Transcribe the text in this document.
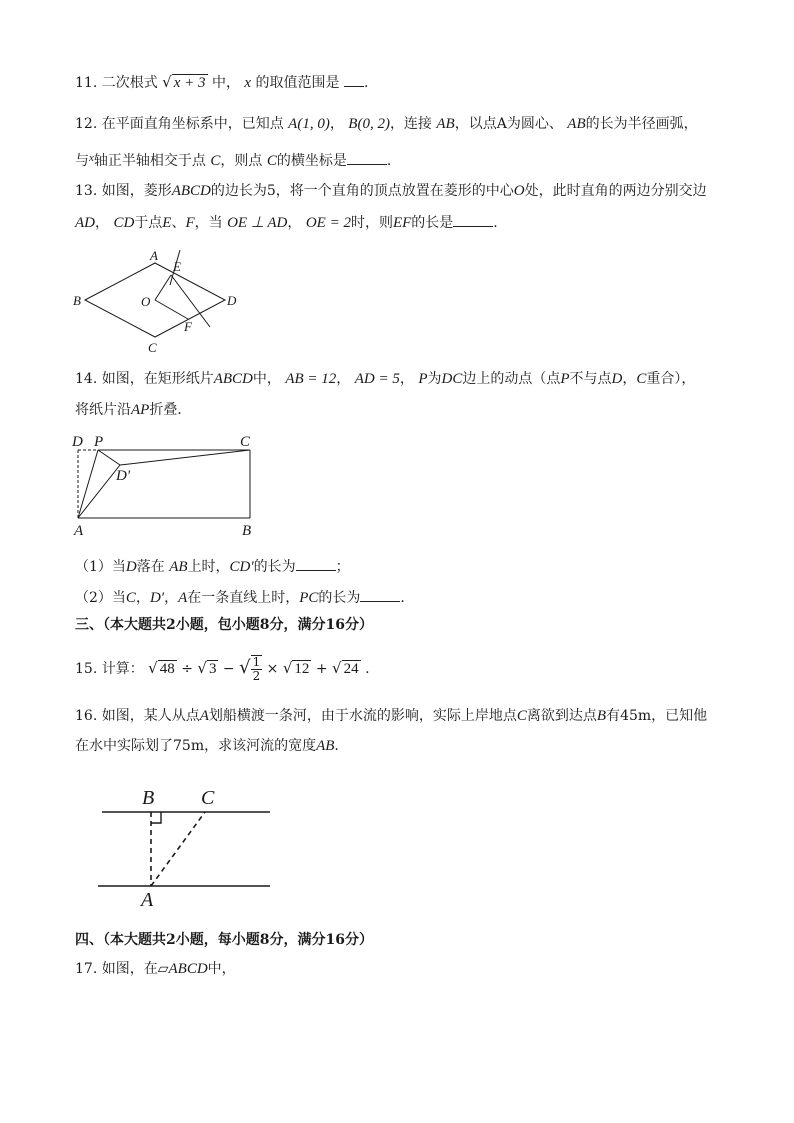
11. 二次根式 √ x + 3 中， x 的取值范围是 .
12. 在平面直角坐标系中，已知点 A(1, 0)， B(0, 2)，连接 AB，以点A为圆心、 AB的长为半径画弧，
与$^x$轴正半轴相交于点 C，则点 C的横坐标是	.
13. 如图，菱形ABCD的边长为5，将一个直角的顶点放置在菱形的中心O处，此时直角的两边分别交边
AD， CD于点E、F，当 OE ⊥ AD， OE = 2时，则EF的长是	.
A
E
B	O	D
F
C
14. 如图，在矩形纸片ABCD中， AB = 12， AD = 5， P为DC边上的动点（点P不与点D，C重合），
将纸片沿AP折叠．
D P	C
D′
A	B
（1）当D落在 AB上时，CD′的长为	；
（2）当C，D′，A在一条直线上时，PC的长为	.
三、（本大题共2小题，包小题8分，满分16分）
15. 计算： √ 48 ÷ √ 3 − √ $\frac{1}{2}$ × √ 12 + √ 24 .
16. 如图，某人从点A划船横渡一条河，由于水流的影响，实际上岸地点C离欲到达点B有45m，已知他
在水中实际划了75m，求该河流的宽度AB.
B C
A
四、（本大题共2小题，每小题8分，满分16分）
17. 如图，在▱ABCD中，
